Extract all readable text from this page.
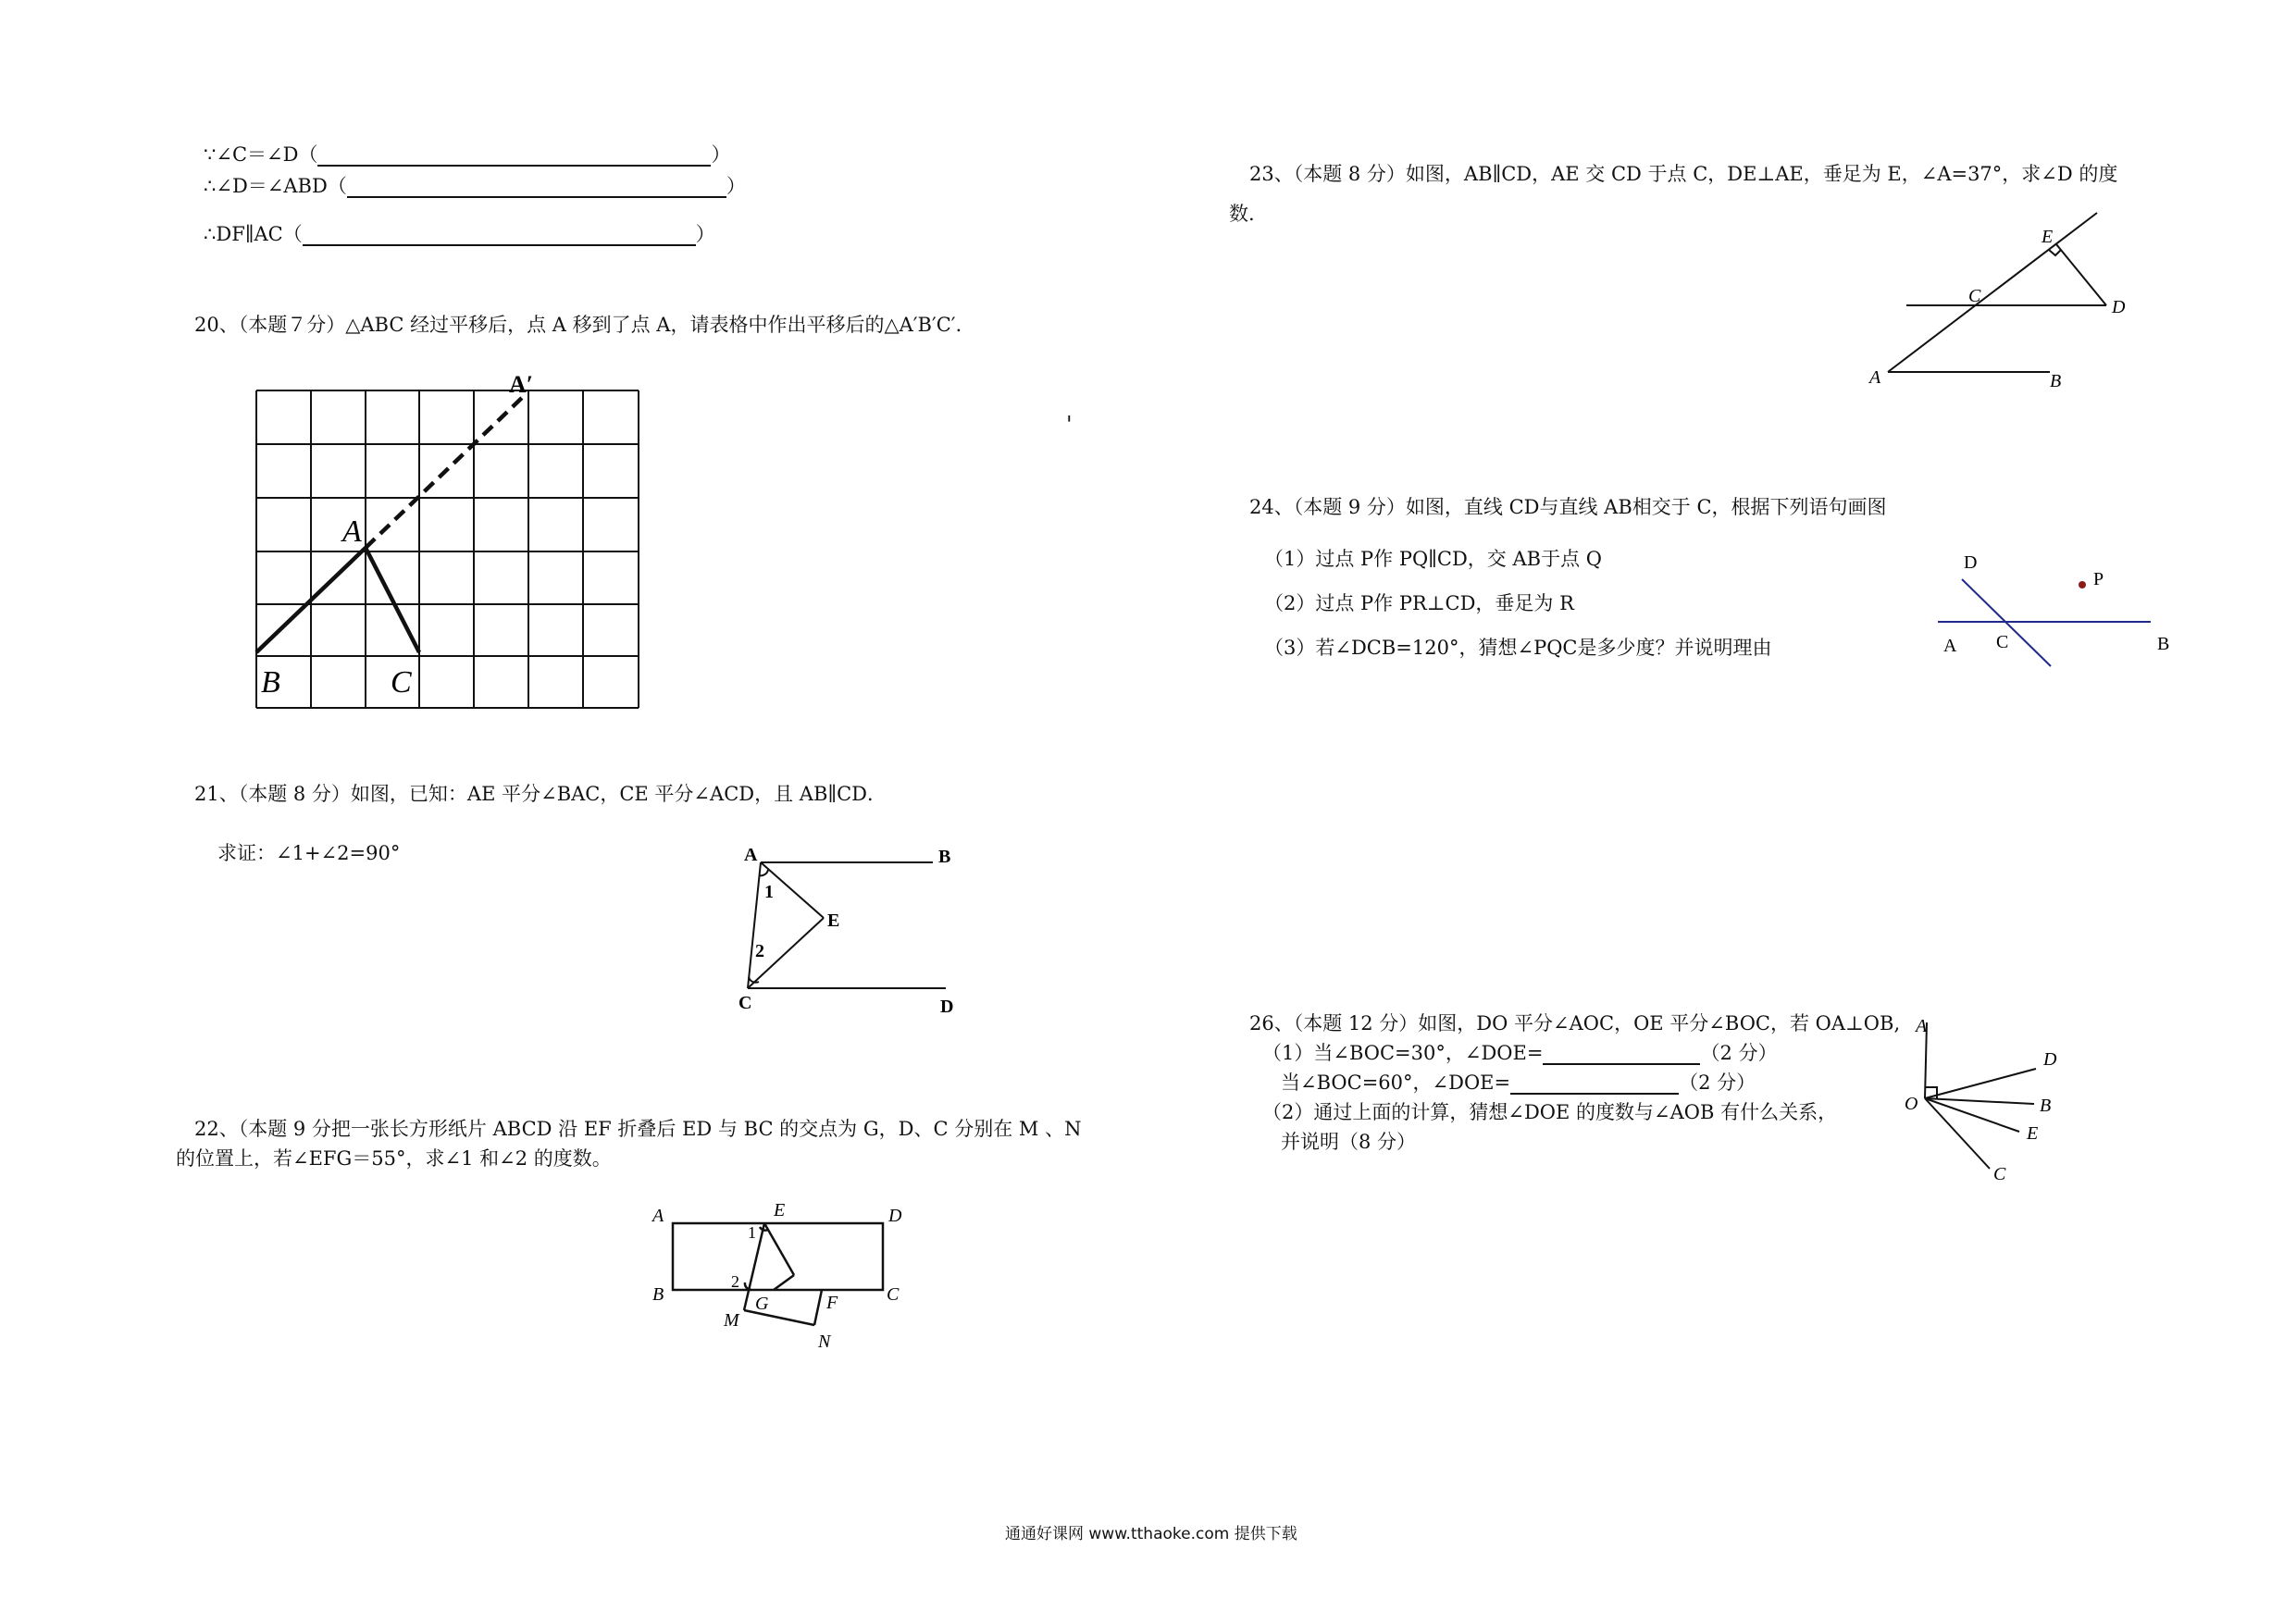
∵∠C＝∠D（	）
∴∠D＝∠ABD（	）
∴DF∥AC（	）
20、（本题７分）△ABC 经过平移后，点 A 移到了点 A，请表格中作出平移后的△A′B′C′．
'
A
B	C
A′
21、（本题 8 分）如图，已知：AE 平分∠BAC，CE 平分∠ACD，且 AB∥CD．
求证：∠1+∠2=90°	A	B
C	D
E
1
2
22、（本题 9 分把一张长方形纸片 ABCD 沿 EF 折叠后 ED 与 BC 的交点为 G，D、C 分别在 M 、N
的位置上，若∠EFG＝55°，求∠1 和∠2 的度数。
A	D
B	C
E
F
G
M
N
1
2
23、（本题 8 分）如图，AB∥CD，AE 交 CD 于点 C，DE⊥AE，垂足为 E，∠A=37°，求∠D 的度
数.
A	B
C
D
E
24、（本题 9 分）如图，直线 CD与直线 AB相交于 C，根据下列语句画图
（1）过点 P作 PQ∥CD，交 AB于点 Q
（2）过点 P作 PR⊥CD，垂足为 R
（3）若∠DCB=120°，猜想∠PQC是多少度？并说明理由
D
P
A C	B
26、（本题 12 分）如图，DO 平分∠AOC，OE 平分∠BOC，若 OA⊥OB,
（1）当∠BOC=30°，∠DOE=	（2 分）
当∠BOC=60°，∠DOE=	（2 分）
（2）通过上面的计算，猜想∠DOE 的度数与∠AOB 有什么关系，
并说明（8 分）
A
O
D
B
E
C
通通好课网 www.tthaoke.com 提供下载
